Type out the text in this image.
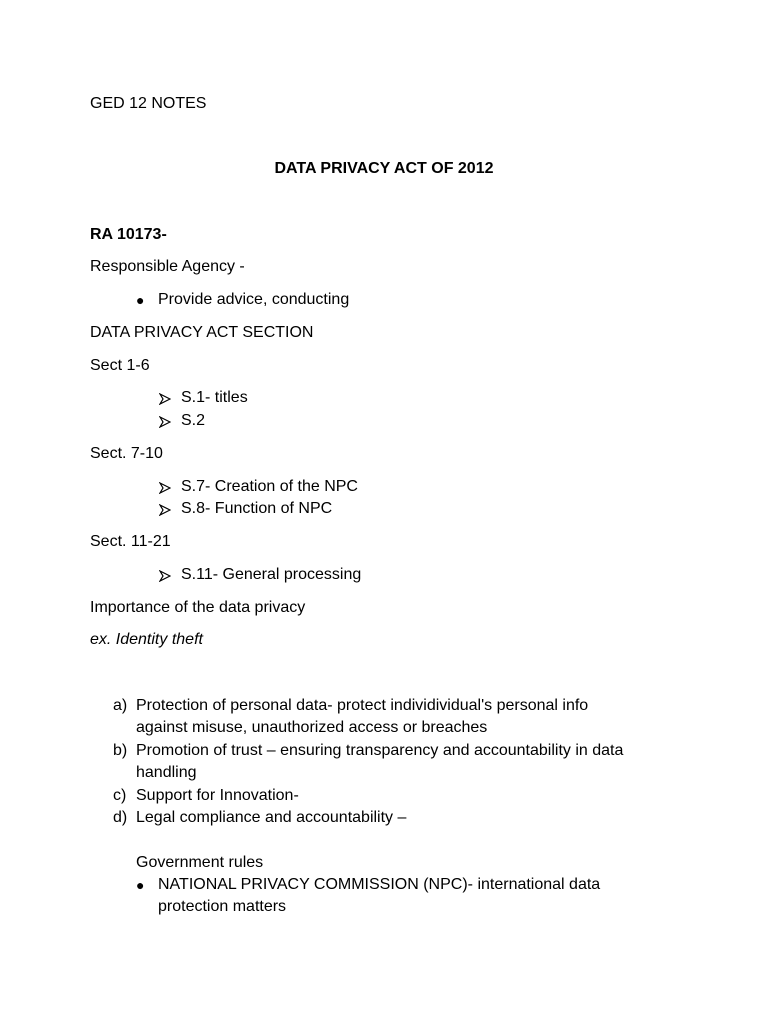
GED 12 NOTES
DATA PRIVACY ACT OF 2012
RA 10173-
Responsible Agency -
● Provide advice, conducting
DATA PRIVACY ACT SECTION
Sect 1-6
S.1- titles
S.2
Sect. 7-10
S.7- Creation of the NPC
S.8- Function of NPC
Sect. 11-21
S.11- General processing
Importance of the data privacy
ex. Identity theft
a) Protection of personal data- protect individividual's personal info
against misuse, unauthorized access or breaches
b) Promotion of trust – ensuring transparency and accountability in data
handling
c) Support for Innovation-
d) Legal compliance and accountability –
Government rules
● NATIONAL PRIVACY COMMISSION (NPC)- international data
protection matters
